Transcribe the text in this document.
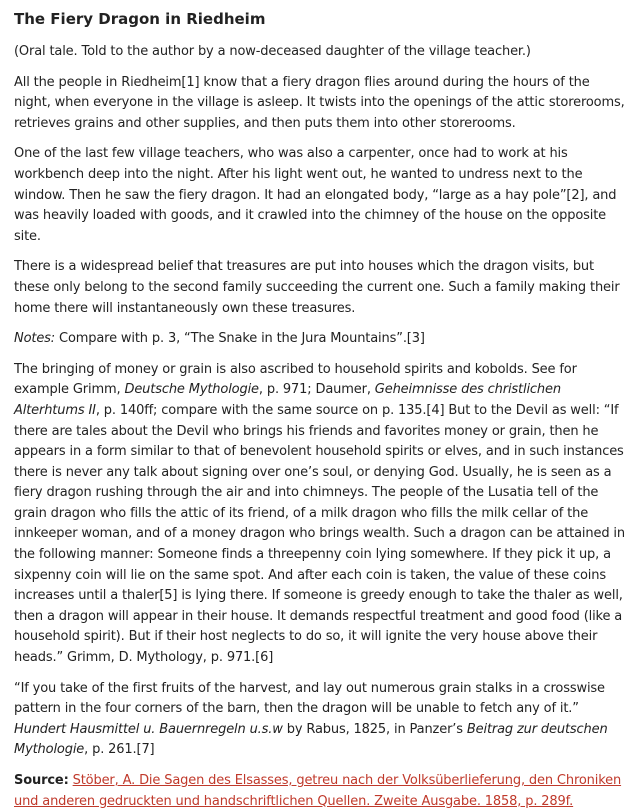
The Fiery Dragon in Riedheim

(Oral tale. Told to the author by a now-deceased daughter of the village teacher.)

All the people in Riedheim[1] know that a fiery dragon flies around during the hours of the night, when everyone in the village is asleep. It twists into the openings of the attic storerooms, retrieves grains and other supplies, and then puts them into other storerooms.

One of the last few village teachers, who was also a carpenter, once had to work at his workbench deep into the night. After his light went out, he wanted to undress next to the window. Then he saw the fiery dragon. It had an elongated body, “large as a hay pole”[2], and was heavily loaded with goods, and it crawled into the chimney of the house on the opposite site.

There is a widespread belief that treasures are put into houses which the dragon visits, but these only belong to the second family succeeding the current one. Such a family making their home there will instantaneously own these treasures.

Notes: Compare with p. 3, “The Snake in the Jura Mountains”.[3]

The bringing of money or grain is also ascribed to household spirits and kobolds. See for example Grimm, Deutsche Mythologie, p. 971; Daumer, Geheimnisse des christlichen Alterhtums II, p. 140ff; compare with the same source on p. 135.[4] But to the Devil as well: “If there are tales about the Devil who brings his friends and favorites money or grain, then he appears in a form similar to that of benevolent household spirits or elves, and in such instances there is never any talk about signing over one’s soul, or denying God. Usually, he is seen as a fiery dragon rushing through the air and into chimneys. The people of the Lusatia tell of the grain dragon who fills the attic of its friend, of a milk dragon who fills the milk cellar of the innkeeper woman, and of a money dragon who brings wealth. Such a dragon can be attained in the following manner: Someone finds a threepenny coin lying somewhere. If they pick it up, a sixpenny coin will lie on the same spot. And after each coin is taken, the value of these coins increases until a thaler[5] is lying there. If someone is greedy enough to take the thaler as well, then a dragon will appear in their house. It demands respectful treatment and good food (like a household spirit). But if their host neglects to do so, it will ignite the very house above their heads.” Grimm, D. Mythology, p. 971.[6]

“If you take of the first fruits of the harvest, and lay out numerous grain stalks in a crosswise pattern in the four corners of the barn, then the dragon will be unable to fetch any of it.” Hundert Hausmittel u. Bauernregeln u.s.w by Rabus, 1825, in Panzer’s Beitrag zur deutschen Mythologie, p. 261.[7]

Source: Stöber, A. Die Sagen des Elsasses, getreu nach der Volksüberlieferung, den Chroniken und anderen gedruckten und handschriftlichen Quellen. Zweite Ausgabe. 1858, p. 289f.
